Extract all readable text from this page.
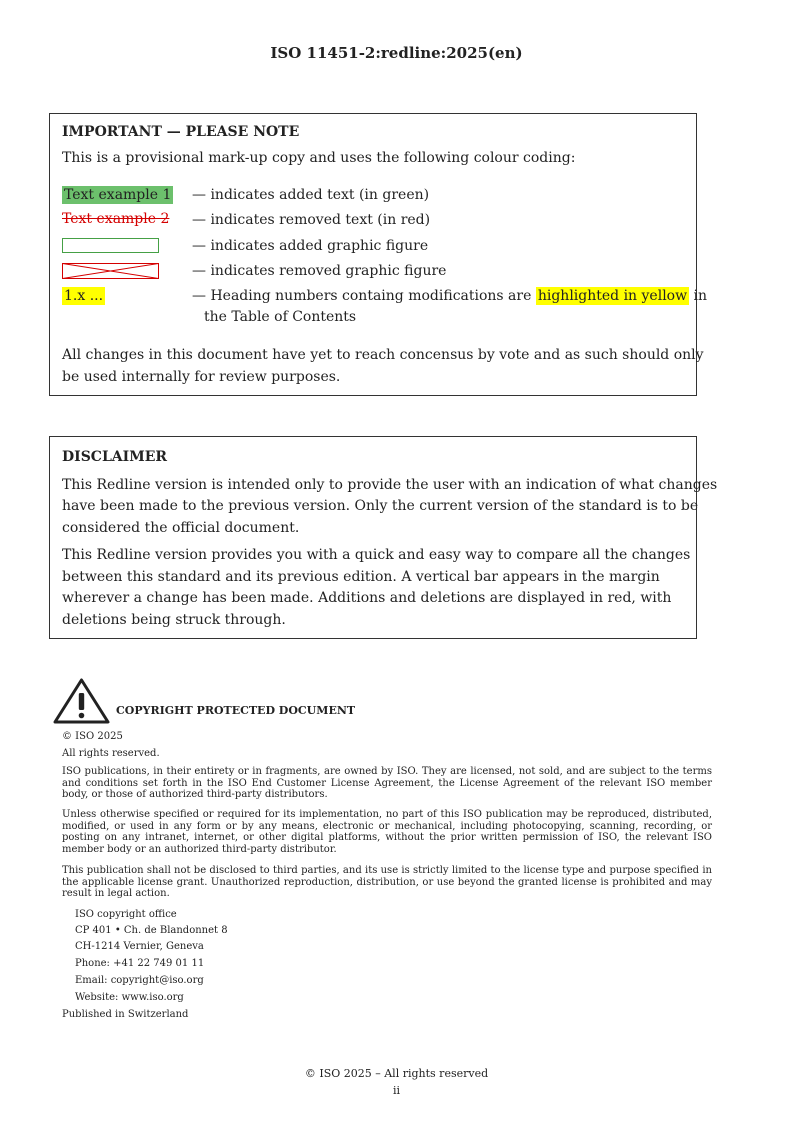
ISO 11451-2:redline:2025(en)
IMPORTANT — PLEASE NOTE
This is a provisional mark-up copy and uses the following colour coding:
Text example 1 — indicates added text (in green)
Text example 2 — indicates removed text (in red)
— indicates added graphic figure
— indicates removed graphic figure
1.x ...	— Heading numbers containg modifications are highlighted in yellow in
the Table of Contents
All changes in this document have yet to reach concensus by vote and as such should only
be used internally for review purposes.
DISCLAIMER
This Redline version is intended only to provide the user with an indication of what changes
have been made to the previous version. Only the current version of the standard is to be
considered the official document.
This Redline version provides you with a quick and easy way to compare all the changes
between this standard and its previous edition. A vertical bar appears in the margin
wherever a change has been made. Additions and deletions are displayed in red, with
deletions being struck through.
COPYRIGHT PROTECTED DOCUMENT
© ISO 2025
All rights reserved.
ISO publications, in their entirety or in fragments, are owned by ISO. They are licensed, not sold, and are subject to the terms and conditions set forth in the ISO End Customer License Agreement, the License Agreement of the relevant ISO member body, or those of authorized third-party distributors.
Unless otherwise specified or required for its implementation, no part of this ISO publication may be reproduced, distributed, modified, or used in any form or by any means, electronic or mechanical, including photocopying, scanning, recording, or posting on any intranet, internet, or other digital platforms, without the prior written permission of ISO, the relevant ISO member body or an authorized third-party distributor.
This publication shall not be disclosed to third parties, and its use is strictly limited to the license type and purpose specified in the applicable license grant. Unauthorized reproduction, distribution, or use beyond the granted license is prohibited and may result in legal action.
ISO copyright office
CP 401 • Ch. de Blandonnet 8
CH-1214 Vernier, Geneva
Phone: +41 22 749 01 11
Email: copyright@iso.org
Website: www.iso.org
Published in Switzerland
© ISO 2025 – All rights reserved
ii
